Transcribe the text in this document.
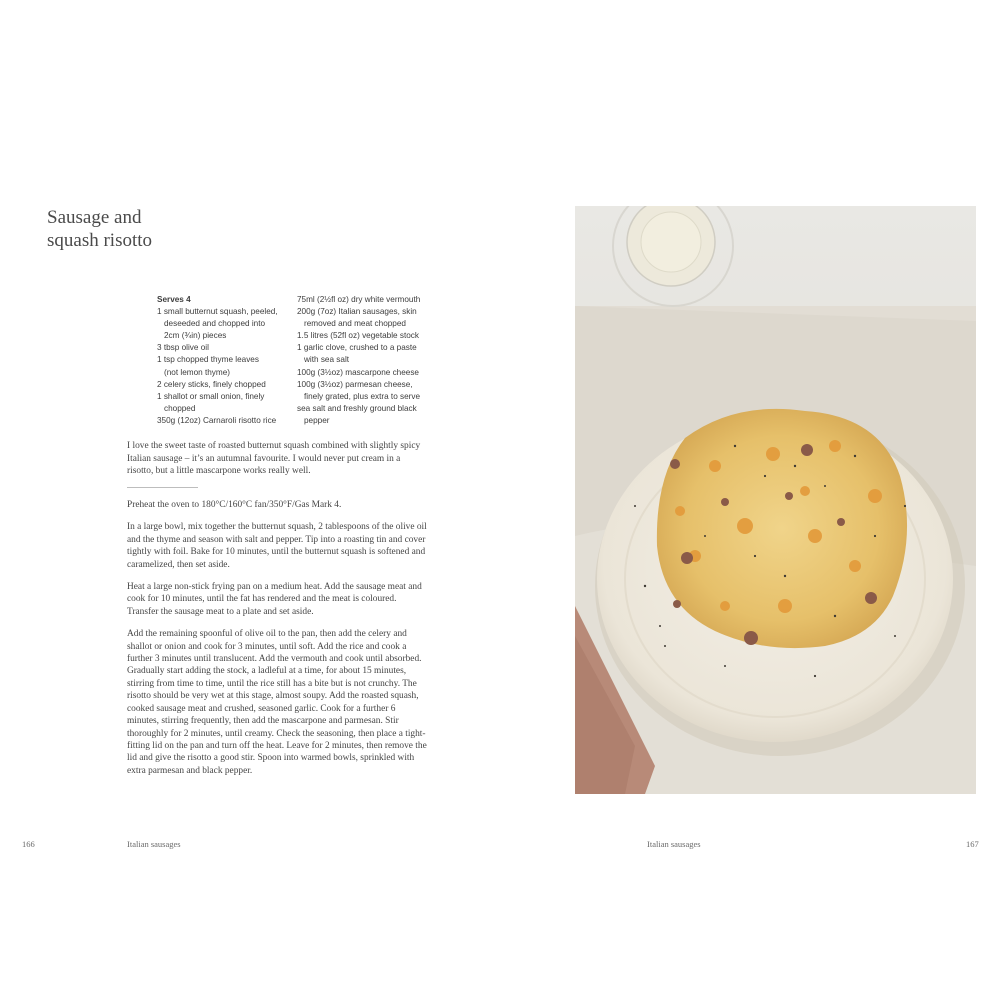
Sausage and
squash risotto
Serves 4
1 small butternut squash, peeled,
deseeded and chopped into
2cm (¾in) pieces
3 tbsp olive oil
1 tsp chopped thyme leaves
(not lemon thyme)
2 celery sticks, finely chopped
1 shallot or small onion, finely
chopped
350g (12oz) Carnaroli risotto rice
75ml (2½fl oz) dry white vermouth
200g (7oz) Italian sausages, skin
removed and meat chopped
1.5 litres (52fl oz) vegetable stock
1 garlic clove, crushed to a paste
with sea salt
100g (3½oz) mascarpone cheese
100g (3½oz) parmesan cheese,
finely grated, plus extra to serve
sea salt and freshly ground black
pepper
I love the sweet taste of roasted butternut squash combined with slightly spicy Italian sausage – it’s an autumnal favourite. I would never put cream in a risotto, but a little mascarpone works really well.

Preheat the oven to 180°C/160°C fan/350°F/Gas Mark 4.

In a large bowl, mix together the butternut squash, 2 tablespoons of the olive oil and the thyme and season with salt and pepper. Tip into a roasting tin and cover tightly with foil. Bake for 10 minutes, until the butternut squash is softened and caramelized, then set aside.

Heat a large non-stick frying pan on a medium heat. Add the sausage meat and cook for 10 minutes, until the fat has rendered and the meat is coloured. Transfer the sausage meat to a plate and set aside.

Add the remaining spoonful of olive oil to the pan, then add the celery and shallot or onion and cook for 3 minutes, until soft. Add the rice and cook a further 3 minutes until translucent. Add the vermouth and cook until absorbed. Gradually start adding the stock, a ladleful at a time, for about 15 minutes, stirring from time to time, until the rice still has a bite but is not crunchy. The risotto should be very wet at this stage, almost soupy. Add the roasted squash, cooked sausage meat and crushed, seasoned garlic. Cook for a further 6 minutes, stirring frequently, then add the mascarpone and parmesan. Stir thoroughly for 2 minutes, until creamy. Check the seasoning, then place a tight-fitting lid on the pan and turn off the heat. Leave for 2 minutes, then remove the lid and give the risotto a good stir. Spoon into warmed bowls, sprinkled with extra parmesan and black pepper.

166	Italian sausages	Italian sausages	167
